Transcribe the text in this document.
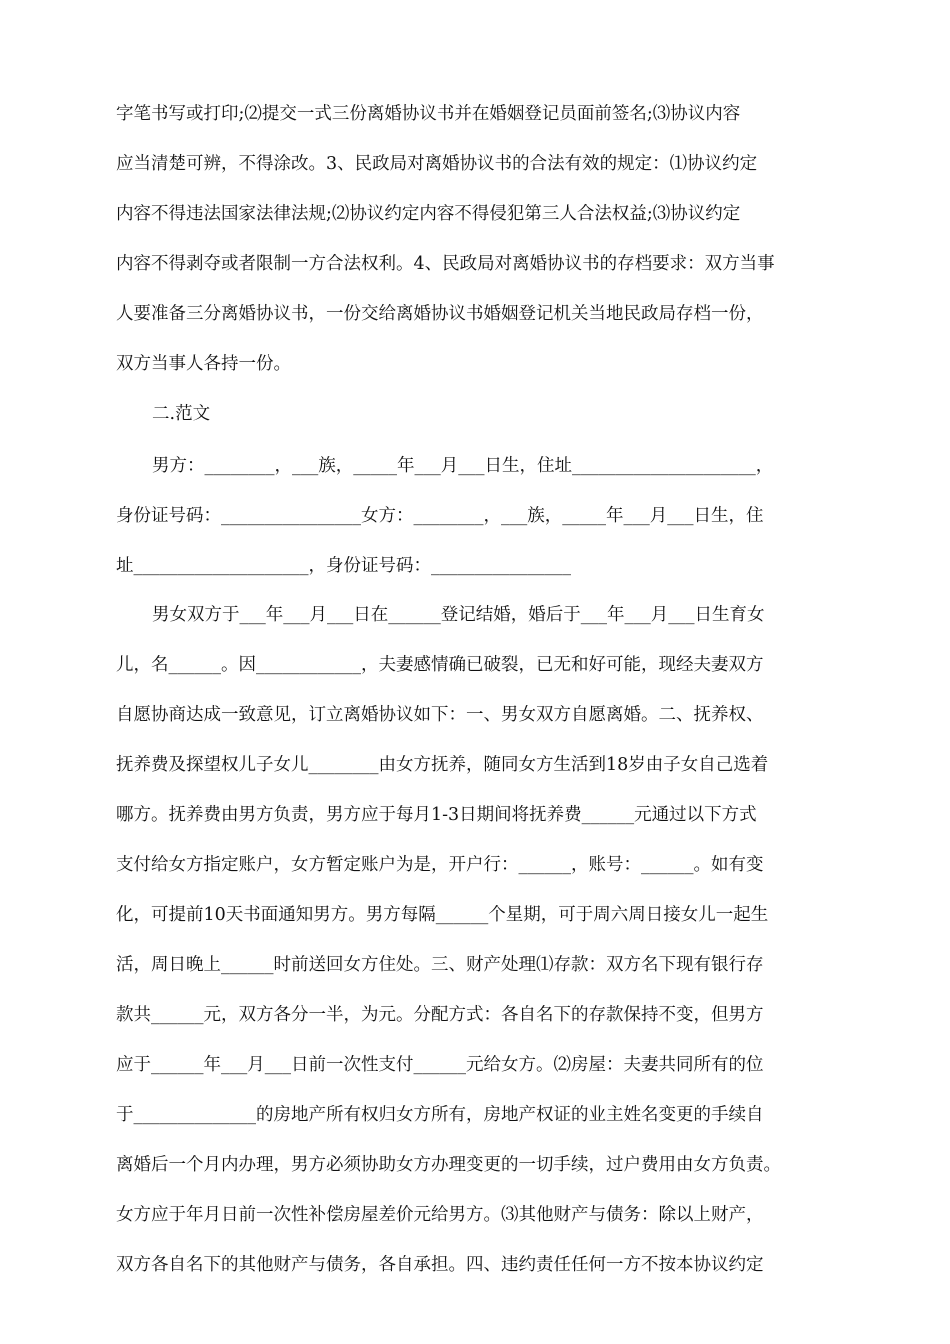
字笔书写或打印;⑵提交一式三份离婚协议书并在婚姻登记员面前签名;⑶协议内容
应当清楚可辨，不得涂改。3、民政局对离婚协议书的合法有效的规定：⑴协议约定
内容不得违法国家法律法规;⑵协议约定内容不得侵犯第三人合法权益;⑶协议约定
内容不得剥夺或者限制一方合法权利。4、民政局对离婚协议书的存档要求：双方当事
人要准备三分离婚协议书，一份交给离婚协议书婚姻登记机关当地民政局存档一份，
双方当事人各持一份。
二.范文
男方：________，___族，_____年___月___日生，住址_____________________，
身份证号码：________________女方：________，___族，_____年___月___日生，住
址____________________，身份证号码：________________
男女双方于___年___月___日在______登记结婚，婚后于___年___月___日生育女
儿，名______。因____________，夫妻感情确已破裂，已无和好可能，现经夫妻双方
自愿协商达成一致意见，订立离婚协议如下：一、男女双方自愿离婚。二、抚养权、
抚养费及探望权儿子女儿________由女方抚养，随同女方生活到18岁由子女自己选着
哪方。抚养费由男方负责，男方应于每月1-3日期间将抚养费______元通过以下方式
支付给女方指定账户，女方暂定账户为是，开户行：______，账号：______。如有变
化，可提前10天书面通知男方。男方每隔______个星期，可于周六周日接女儿一起生
活，周日晚上______时前送回女方住处。三、财产处理⑴存款：双方名下现有银行存
款共______元，双方各分一半，为元。分配方式：各自名下的存款保持不变，但男方
应于______年___月___日前一次性支付______元给女方。⑵房屋：夫妻共同所有的位
于______________的房地产所有权归女方所有，房地产权证的业主姓名变更的手续自
离婚后一个月内办理，男方必须协助女方办理变更的一切手续，过户费用由女方负责。
女方应于年月日前一次性补偿房屋差价元给男方。⑶其他财产与债务：除以上财产，
双方各自名下的其他财产与债务，各自承担。四、违约责任任何一方不按本协议约定
